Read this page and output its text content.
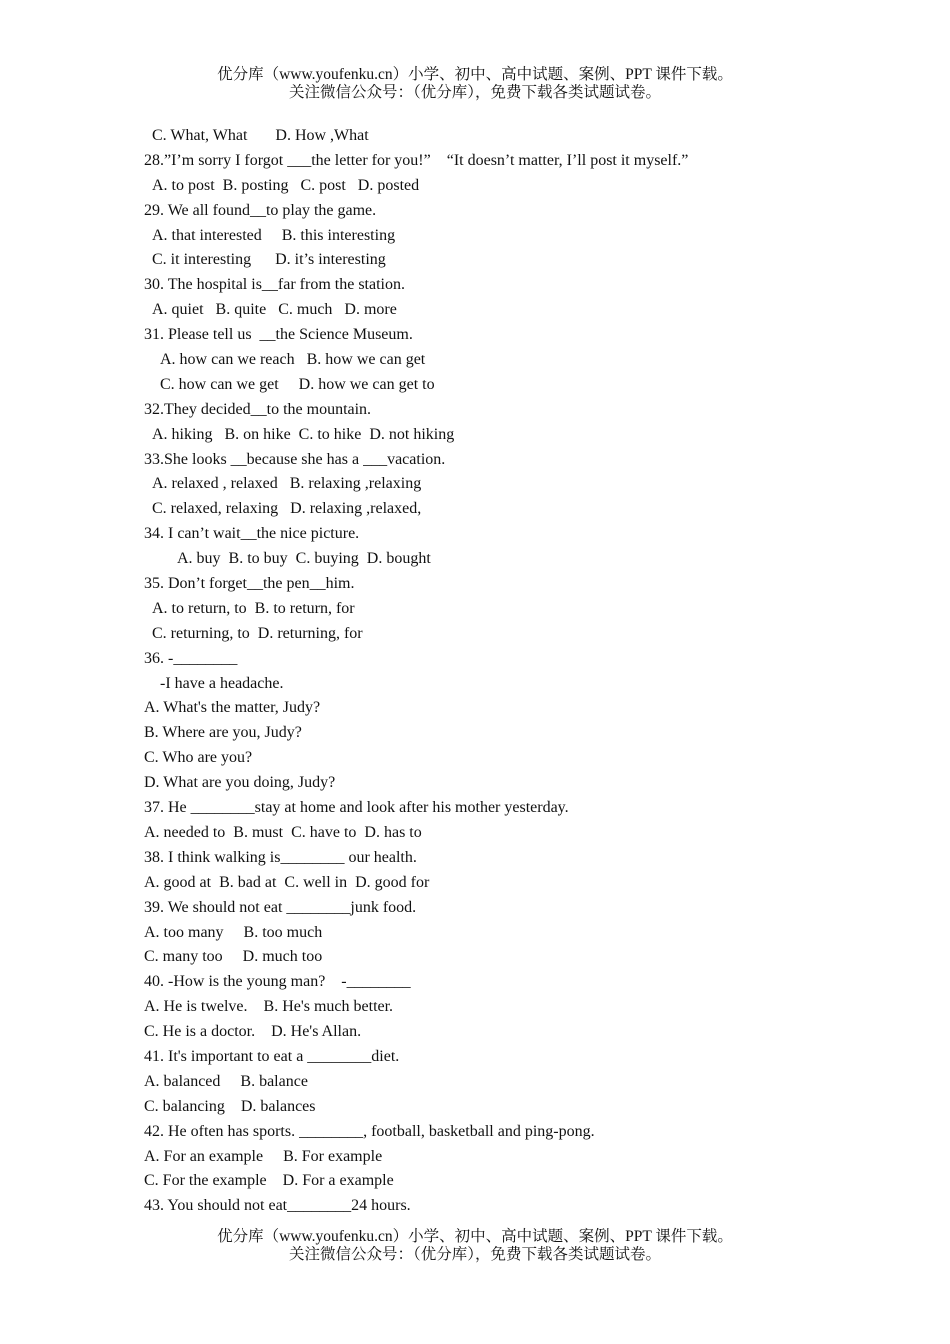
优分库（www.youfenku.cn）小学、初中、高中试题、案例、PPT 课件下载。
关注微信公众号：（优分库），免费下载各类试题试卷。
C. What, What       D. How ,What
28.”I’m sorry I forgot ___the letter for you!”    “It doesn’t matter, I’ll post it myself.”
A. to post  B. posting   C. post   D. posted
29. We all found__to play the game.
A. that interested     B. this interesting
C. it interesting      D. it’s interesting
30. The hospital is__far from the station.
A. quiet   B. quite   C. much   D. more
31. Please tell us  __the Science Museum.
A. how can we reach   B. how we can get
C. how can we get     D. how we can get to
32.They decided__to the mountain.
A. hiking   B. on hike  C. to hike  D. not hiking
33.She looks __because she has a ___vacation.
A. relaxed , relaxed   B. relaxing ,relaxing
C. relaxed, relaxing   D. relaxing ,relaxed,
34. I can’t wait__the nice picture.
A. buy  B. to buy  C. buying  D. bought
35. Don’t forget__the pen__him.
A. to return, to  B. to return, for
C. returning, to  D. returning, for
36. -________
-I have a headache.
A. What's the matter, Judy?
B. Where are you, Judy?
C. Who are you?
D. What are you doing, Judy?
37. He ________stay at home and look after his mother yesterday.
A. needed to  B. must  C. have to  D. has to
38. I think walking is________ our health.
A. good at  B. bad at  C. well in  D. good for
39. We should not eat ________junk food.
A. too many     B. too much
C. many too     D. much too
40. -How is the young man?    -________
A. He is twelve.    B. He's much better.
C. He is a doctor.    D. He's Allan.
41. It's important to eat a ________diet.
A. balanced     B. balance
C. balancing    D. balances
42. He often has sports. ________, football, basketball and ping-pong.
A. For an example     B. For example
C. For the example    D. For a example
43. You should not eat________24 hours.
优分库（www.youfenku.cn）小学、初中、高中试题、案例、PPT 课件下载。
关注微信公众号：（优分库），免费下载各类试题试卷。
